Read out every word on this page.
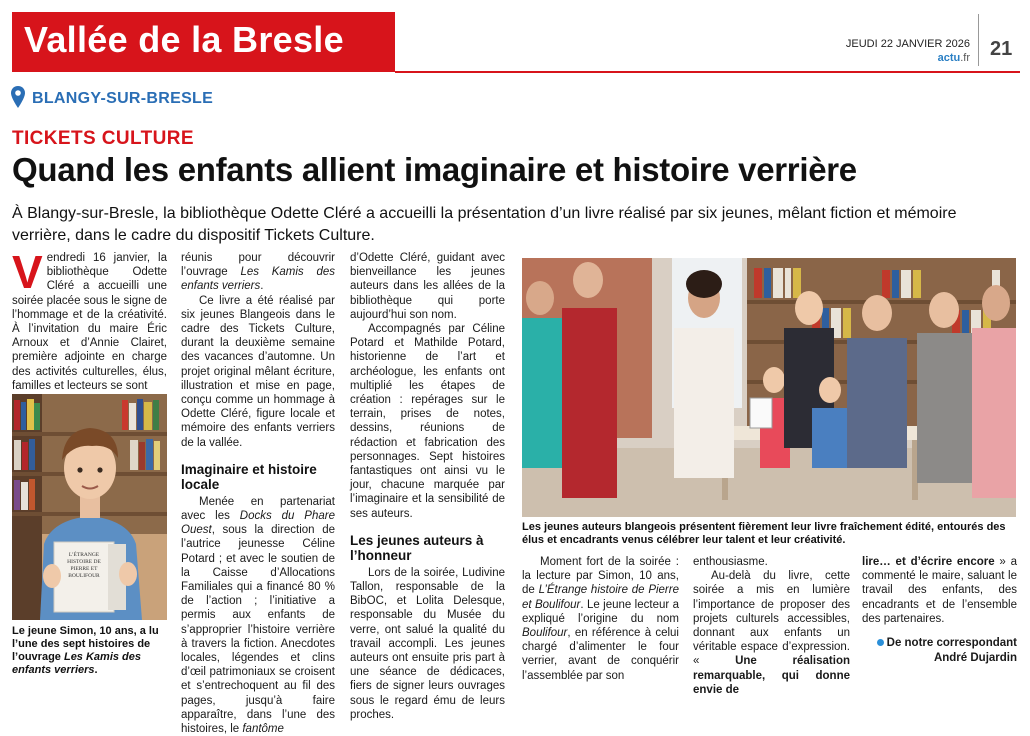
Vallée de la Bresle	JEUDI 22 JANVIER 2026
actu.fr 21
BLANGY-SUR-BRESLE
TICKETS CULTURE
Quand les enfants allient imaginaire et histoire verrière
À Blangy-sur-Bresle, la bibliothèque Odette Cléré a accueilli la présentation d’un livre réalisé par six jeunes, mêlant fiction et mémoire verrière, dans le cadre du dispositif Tickets Culture.
V endredi 16 janvier, la bibliothèque Odette Cléré a accueilli une soirée placée sous le signe de l’hommage et de la créativité. À l’invitation du maire Éric Arnoux et d’Annie Clairet, première adjointe en charge des activités culturelles, élus, familles et lecteurs se sont

L’ÉTRANGE HISTOIRE DE PIERRE ET BOULIFOUR
Le jeune Simon, 10 ans, a lu l’une des sept histoires de l’ouvrage Les Kamis des enfants verriers.

réunis pour découvrir l’ouvrage Les Kamis des enfants verriers.

Ce livre a été réalisé par six jeunes Blangeois dans le cadre des Tickets Culture, durant la deuxième semaine des vacances d’automne. Un projet original mêlant écriture, illustration et mise en page, conçu comme un hommage à Odette Cléré, figure locale et mémoire des enfants verriers de la vallée.

Imaginaire et histoire locale

Menée en partenariat avec les Docks du Phare Ouest, sous la direction de l’autrice jeunesse Céline Potard ; et avec le soutien de la Caisse d’Allocations Familiales qui a financé 80 % de l’action ; l’initiative a permis aux enfants de s’approprier l’histoire verrière à travers la fiction. Anecdotes locales, légendes et clins d’œil patrimoniaux se croisent et s’entrechoquent au fil des pages, jusqu’à faire apparaître, dans l’une des histoires, le fantôme

d’Odette Cléré, guidant avec bienveillance les jeunes auteurs dans les allées de la bibliothèque qui porte aujourd’hui son nom.

Accompagnés par Céline Potard et Mathilde Potard, historienne de l’art et archéologue, les enfants ont multiplié les étapes de création : repérages sur le terrain, prises de notes, dessins, réunions de rédaction et fabrication des personnages. Sept histoires fantastiques ont ainsi vu le jour, chacune marquée par l’imaginaire et la sensibilité de ses auteurs.

Les jeunes auteurs à l’honneur

Lors de la soirée, Ludivine Tallon, responsable de la BibOC, et Lolita Delesque, responsable du Musée du verre, ont salué la qualité du travail accompli. Les jeunes auteurs ont ensuite pris part à une séance de dédicaces, fiers de signer leurs ouvrages sous le regard ému de leurs proches.

Les jeunes auteurs blangeois présentent fièrement leur livre fraîchement édité, entourés des élus et encadrants venus célébrer leur talent et leur créativité.

Moment fort de la soirée : la lecture par Simon, 10 ans, de L’Étrange histoire de Pierre et Boulifour. Le jeune lecteur a expliqué l’origine du nom Boulifour, en référence à celui chargé d’alimenter le four verrier, avant de conquérir l’assemblée par son

enthousiasme.

Au-delà du livre, cette soirée a mis en lumière l’importance de proposer des projets culturels accessibles, donnant aux enfants un véritable espace d’expression. « Une réalisation remarquable, qui donne envie de

lire… et d’écrire encore » a commenté le maire, saluant le travail des enfants, des encadrants et de l’ensemble des partenaires.

De notre correspondant
André Dujardin
